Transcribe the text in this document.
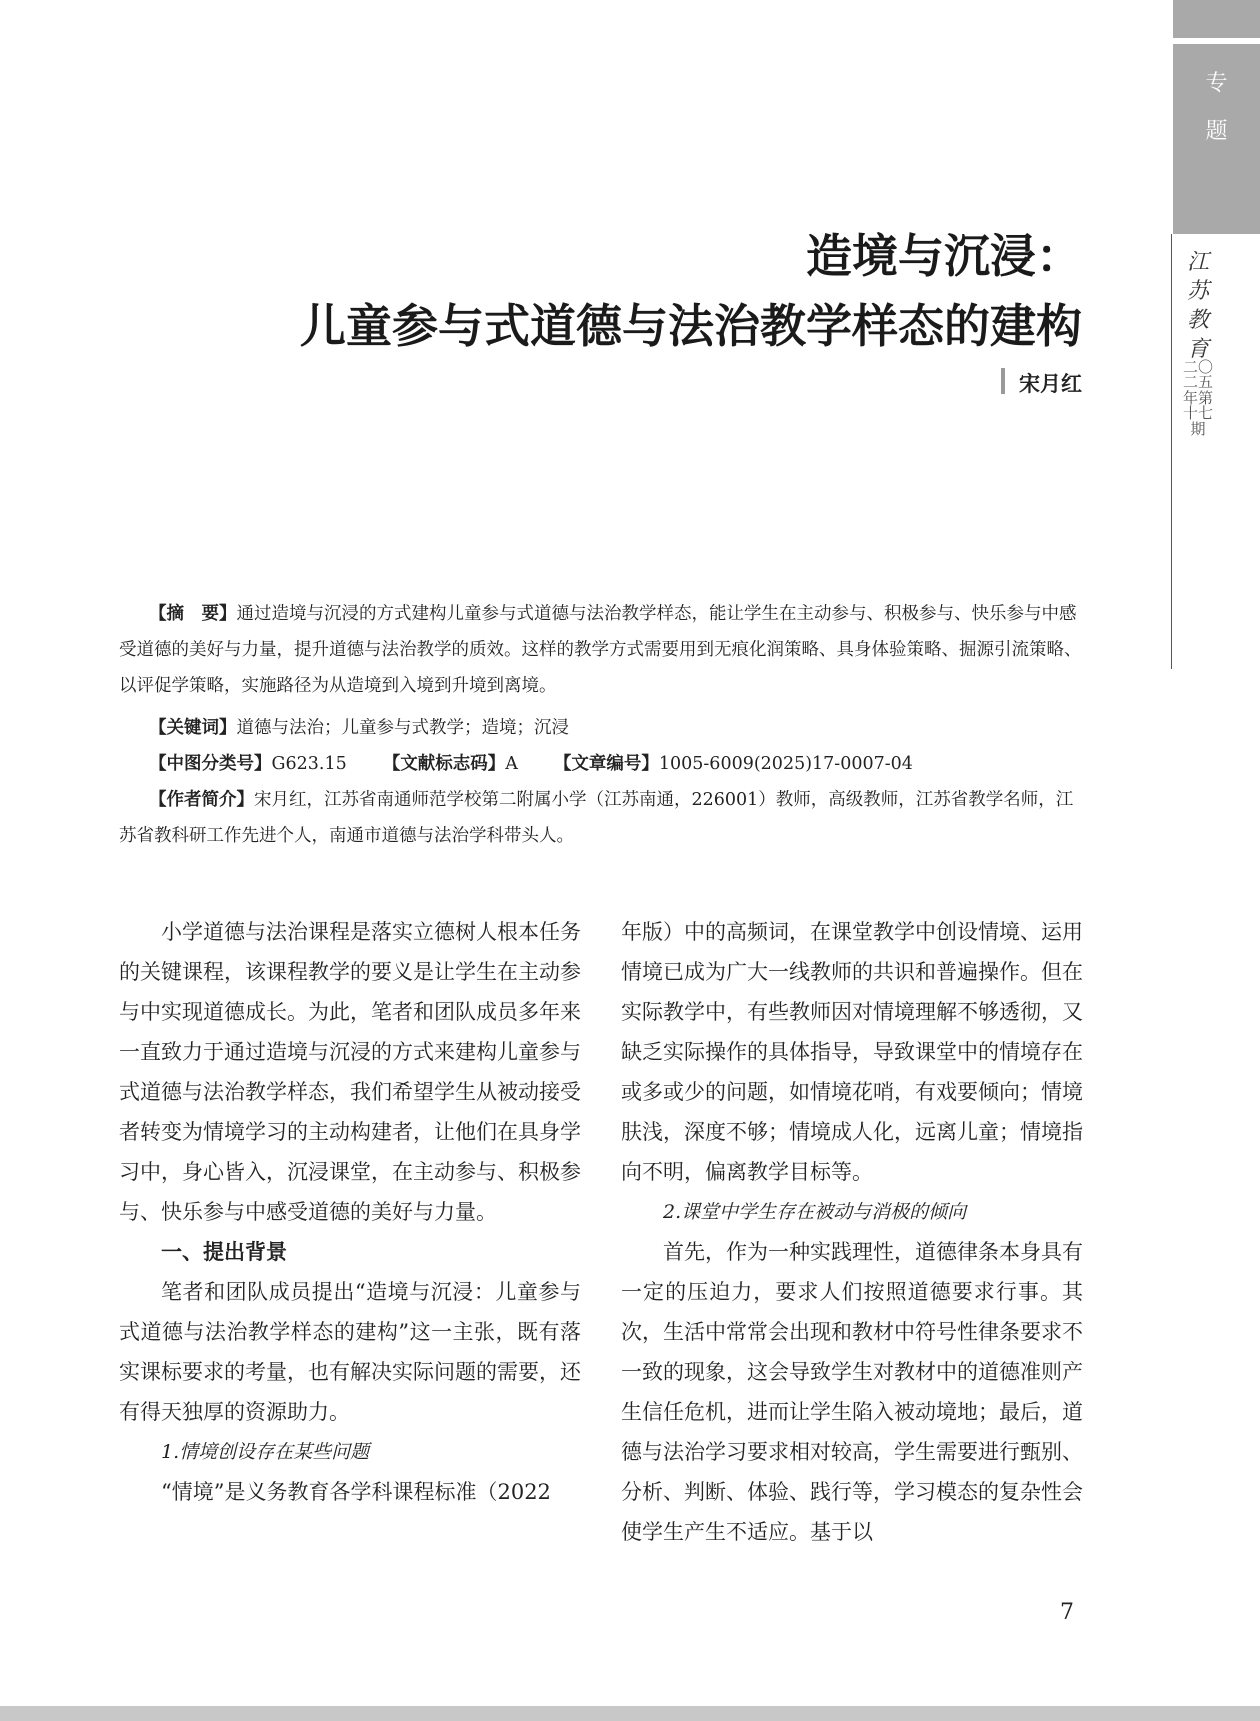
专
题
江
苏
教
育
二〇二五年第十七期
造境与沉浸：
儿童参与式道德与法治教学样态的建构
宋月红
【摘　要】通过造境与沉浸的方式建构儿童参与式道德与法治教学样态，能让学生在主动参与、积极参与、快乐参与中感受道德的美好与力量，提升道德与法治教学的质效。这样的教学方式需要用到无痕化润策略、具身体验策略、掘源引流策略、以评促学策略，实施路径为从造境到入境到升境到离境。
【关键词】道德与法治；儿童参与式教学；造境；沉浸
【中图分类号】G623.15 【文献标志码】A 【文章编号】1005-6009(2025)17-0007-04
【作者简介】宋月红，江苏省南通师范学校第二附属小学（江苏南通，226001）教师，高级教师，江苏省教学名师，江苏省教科研工作先进个人，南通市道德与法治学科带头人。

小学道德与法治课程是落实立德树人根本任务的关键课程，该课程教学的要义是让学生在主动参与中实现道德成长。为此，笔者和团队成员多年来一直致力于通过造境与沉浸的方式来建构儿童参与式道德与法治教学样态，我们希望学生从被动接受者转变为情境学习的主动构建者，让他们在具身学习中，身心皆入，沉浸课堂，在主动参与、积极参与、快乐参与中感受道德的美好与力量。

一、提出背景

笔者和团队成员提出“造境与沉浸：儿童参与式道德与法治教学样态的建构”这一主张，既有落实课标要求的考量，也有解决实际问题的需要，还有得天独厚的资源助力。

1.情境创设存在某些问题

“情境”是义务教育各学科课程标准（2022

年版）中的高频词，在课堂教学中创设情境、运用情境已成为广大一线教师的共识和普遍操作。但在实际教学中，有些教师因对情境理解不够透彻，又缺乏实际操作的具体指导，导致课堂中的情境存在或多或少的问题，如情境花哨，有戏要倾向；情境肤浅，深度不够；情境成人化，远离儿童；情境指向不明，偏离教学目标等。

2.课堂中学生存在被动与消极的倾向

首先，作为一种实践理性，道德律条本身具有一定的压迫力，要求人们按照道德要求行事。其次，生活中常常会出现和教材中符号性律条要求不一致的现象，这会导致学生对教材中的道德准则产生信任危机，进而让学生陷入被动境地；最后，道德与法治学习要求相对较高，学生需要进行甄别、分析、判断、体验、践行等，学习模态的复杂性会使学生产生不适应。基于以

7
